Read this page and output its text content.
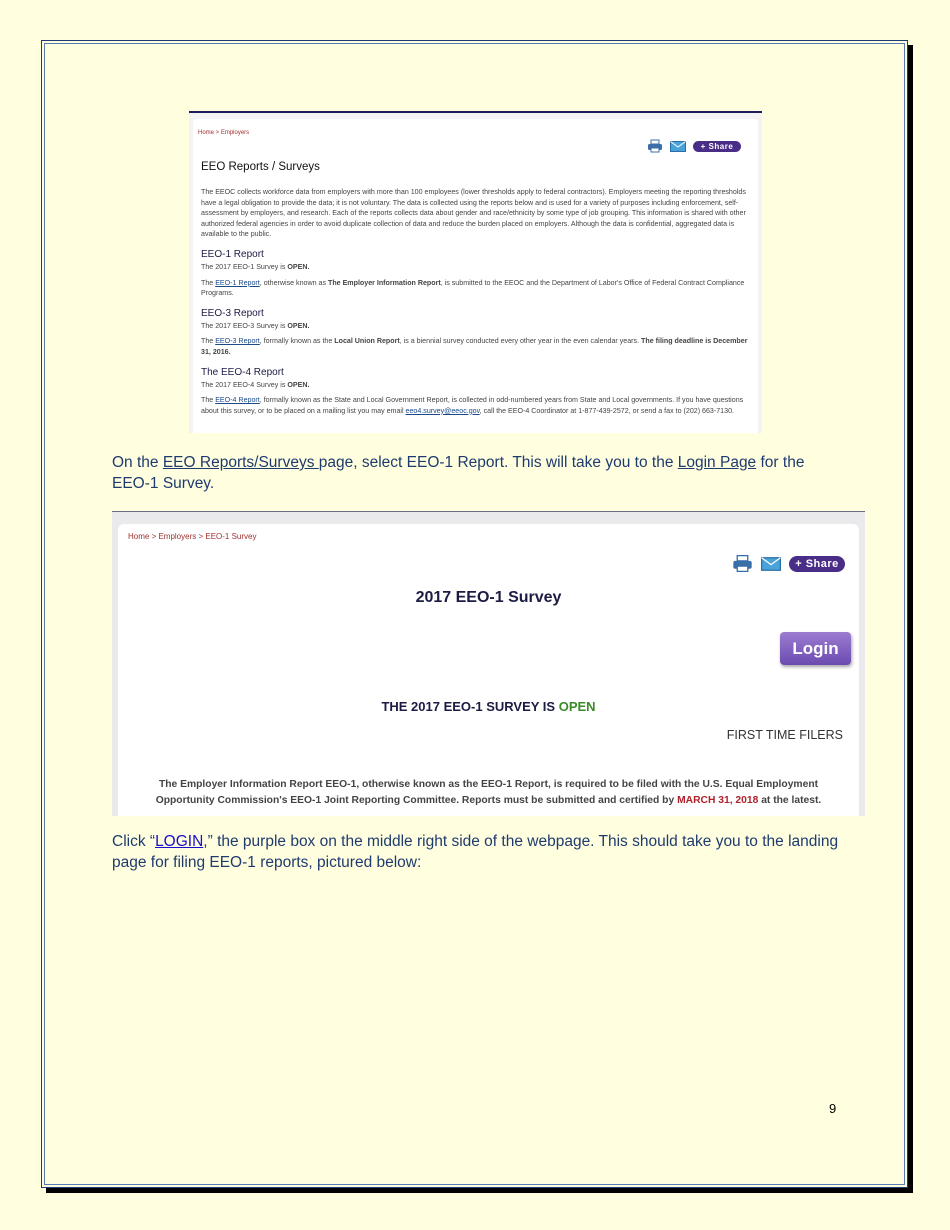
Home > Employers
+ Share
EEO Reports / Surveys

The EEOC collects workforce data from employers with more than 100 employees (lower thresholds apply to federal contractors). Employers meeting the reporting thresholds have a legal obligation to provide the data; it is not voluntary. The data is collected using the reports below and is used for a variety of purposes including enforcement, self-assessment by employers, and research. Each of the reports collects data about gender and race/ethnicity by some type of job grouping. This information is shared with other authorized federal agencies in order to avoid duplicate collection of data and reduce the burden placed on employers. Although the data is confidential, aggregated data is available to the public.

EEO-1 Report

The 2017 EEO-1 Survey is OPEN.

The EEO-1 Report, otherwise known as The Employer Information Report, is submitted to the EEOC and the Department of Labor's Office of Federal Contract Compliance Programs.

EEO-3 Report

The 2017 EEO-3 Survey is OPEN.

The EEO-3 Report, formally known as the Local Union Report, is a biennial survey conducted every other year in the even calendar years. The filing deadline is December 31, 2016.

The EEO-4 Report

The 2017 EEO-4 Survey is OPEN.

The EEO-4 Report, formally known as the State and Local Government Report, is collected in odd-numbered years from State and Local governments. If you have questions about this survey, or to be placed on a mailing list you may email eeo4.survey@eeoc.gov, call the EEO-4 Coordinator at 1-877-439-2572, or send a fax to (202) 663-7130.

On the EEO Reports/Surveys page, select EEO-1 Report. This will take you to the Login Page for the EEO-1 Survey.
Home > Employers > EEO-1 Survey
+ Share
2017 EEO-1 Survey
Login
THE 2017 EEO-1 SURVEY IS OPEN
FIRST TIME FILERS
The Employer Information Report EEO-1, otherwise known as the EEO-1 Report, is required to be filed with the U.S. Equal Employment Opportunity Commission's EEO-1 Joint Reporting Committee. Reports must be submitted and certified by MARCH 31, 2018 at the latest.
Click “LOGIN,” the purple box on the middle right side of the webpage. This should take you to the landing page for filing EEO-1 reports, pictured below:
9
